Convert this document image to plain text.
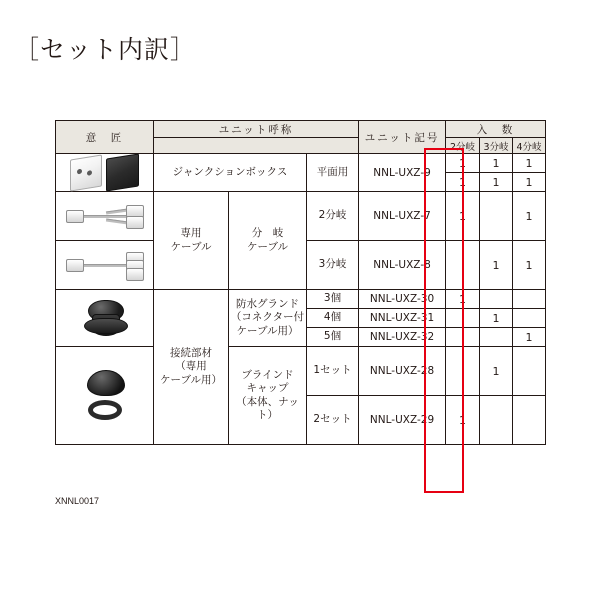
［セット内訳］
意　匠	ユニット呼称			ユニット記号	入　数		
					2分岐	3分岐	4分岐

	ジャンクションボックス		平面用	NNL-UXZ-9	1	1	1
					1	1	1

	専用
ケーブル	分　岐
ケーブル	2分岐	NNL-UXZ-7	1		1

			3分岐	NNL-UXZ-8		1	1

	接続部材
（専用
ケーブル用）	防水グランド
（コネクター付
ケーブル用）	3個	NNL-UXZ-30	1		
			4個	NNL-UXZ-31		1	
			5個	NNL-UXZ-32			1

		ブラインド
キャップ
（本体、ナット）	1セット	NNL-UXZ-28		1	
			2セット	NNL-UXZ-29	1		
XNNL0017
